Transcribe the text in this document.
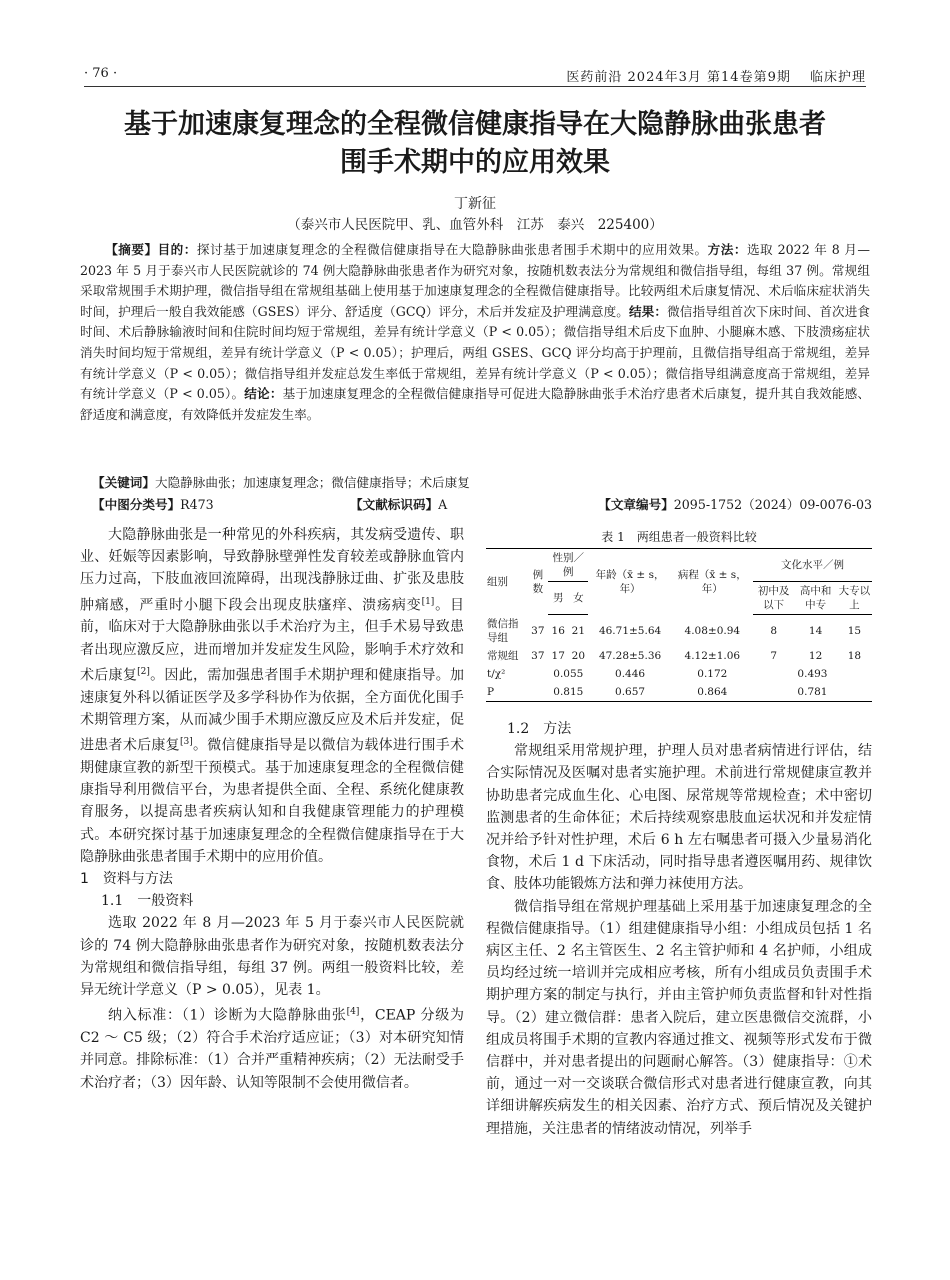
· 76 ·	医药前沿 2024年3月 第14卷第9期 临床护理
基于加速康复理念的全程微信健康指导在大隐静脉曲张患者
围手术期中的应用效果
丁新征
（泰兴市人民医院甲、乳、血管外科　江苏　泰兴　225400）
【摘要】目的：探讨基于加速康复理念的全程微信健康指导在大隐静脉曲张患者围手术期中的应用效果。方法：选取 2022 年 8 月—2023 年 5 月于泰兴市人民医院就诊的 74 例大隐静脉曲张患者作为研究对象，按随机数表法分为常规组和微信指导组，每组 37 例。常规组采取常规围手术期护理，微信指导组在常规组基础上使用基于加速康复理念的全程微信健康指导。比较两组术后康复情况、术后临床症状消失时间，护理后一般自我效能感（GSES）评分、舒适度（GCQ）评分，术后并发症及护理满意度。结果：微信指导组首次下床时间、首次进食时间、术后静脉输液时间和住院时间均短于常规组，差异有统计学意义（P < 0.05）；微信指导组术后皮下血肿、小腿麻木感、下肢溃疡症状消失时间均短于常规组，差异有统计学意义（P < 0.05）；护理后，两组 GSES、GCQ 评分均高于护理前，且微信指导组高于常规组，差异有统计学意义（P < 0.05）；微信指导组并发症总发生率低于常规组，差异有统计学意义（P < 0.05）；微信指导组满意度高于常规组，差异有统计学意义（P < 0.05）。结论：基于加速康复理念的全程微信健康指导可促进大隐静脉曲张手术治疗患者术后康复，提升其自我效能感、舒适度和满意度，有效降低并发症发生率。
【关键词】大隐静脉曲张；加速康复理念；微信健康指导；术后康复
【中图分类号】R473	【文献标识码】A	【文章编号】2095-1752（2024）09-0076-03

大隐静脉曲张是一种常见的外科疾病，其发病受遗传、职业、妊娠等因素影响，导致静脉壁弹性发育较差或静脉血管内压力过高，下肢血液回流障碍，出现浅静脉迂曲、扩张及患肢肿痛感，严重时小腿下段会出现皮肤瘙痒、溃疡病变[1]。目前，临床对于大隐静脉曲张以手术治疗为主，但手术易导致患者出现应激反应，进而增加并发症发生风险，影响手术疗效和术后康复[2]。因此，需加强患者围手术期护理和健康指导。加速康复外科以循证医学及多学科协作为依据，全方面优化围手术期管理方案，从而减少围手术期应激反应及术后并发症，促进患者术后康复[3]。微信健康指导是以微信为载体进行围手术期健康宣教的新型干预模式。基于加速康复理念的全程微信健康指导利用微信平台，为患者提供全面、全程、系统化健康教育服务，以提高患者疾病认知和自我健康管理能力的护理模式。本研究探讨基于加速康复理念的全程微信健康指导在于大隐静脉曲张患者围手术期中的应用价值。

1　资料与方法

1.1　一般资料

选取 2022 年 8 月—2023 年 5 月于泰兴市人民医院就诊的 74 例大隐静脉曲张患者作为研究对象，按随机数表法分为常规组和微信指导组，每组 37 例。两组一般资料比较，差异无统计学意义（P > 0.05），见表 1。

纳入标准：（1）诊断为大隐静脉曲张[4]，CEAP 分级为 C2 ～ C5 级；（2）符合手术治疗适应证；（3）对本研究知情并同意。排除标准：（1）合并严重精神疾病；（2）无法耐受手术治疗者；（3）因年龄、认知等限制不会使用微信者。

表 1　两组患者一般资料比较
组别	例数	性别／例		年龄（x̄ ± s，年）	病程（x̄ ± s，年）	文化水平／例		
		男	女			初中及以下	高中和中专	大专以上
微信指导组	37	16	21	46.71±5.64	4.08±0.94	8	14	15
常规组	37	17	20	47.28±5.36	4.12±1.06	7	12	18
t/χ²		0.055		0.446	0.172	0.493		
P		0.815		0.657	0.864	0.781		

1.2　方法

常规组采用常规护理，护理人员对患者病情进行评估，结合实际情况及医嘱对患者实施护理。术前进行常规健康宣教并协助患者完成血生化、心电图、尿常规等常规检查；术中密切监测患者的生命体征；术后持续观察患肢血运状况和并发症情况并给予针对性护理，术后 6 h 左右嘱患者可摄入少量易消化食物，术后 1 d 下床活动，同时指导患者遵医嘱用药、规律饮食、肢体功能锻炼方法和弹力袜使用方法。

微信指导组在常规护理基础上采用基于加速康复理念的全程微信健康指导。（1）组建健康指导小组：小组成员包括 1 名病区主任、2 名主管医生、2 名主管护师和 4 名护师，小组成员均经过统一培训并完成相应考核，所有小组成员负责围手术期护理方案的制定与执行，并由主管护师负责监督和针对性指导。（2）建立微信群：患者入院后，建立医患微信交流群，小组成员将围手术期的宣教内容通过推文、视频等形式发布于微信群中，并对患者提出的问题耐心解答。（3）健康指导：①术前，通过一对一交谈联合微信形式对患者进行健康宣教，向其详细讲解疾病发生的相关因素、治疗方式、预后情况及关键护理措施，关注患者的情绪波动情况，列举手
